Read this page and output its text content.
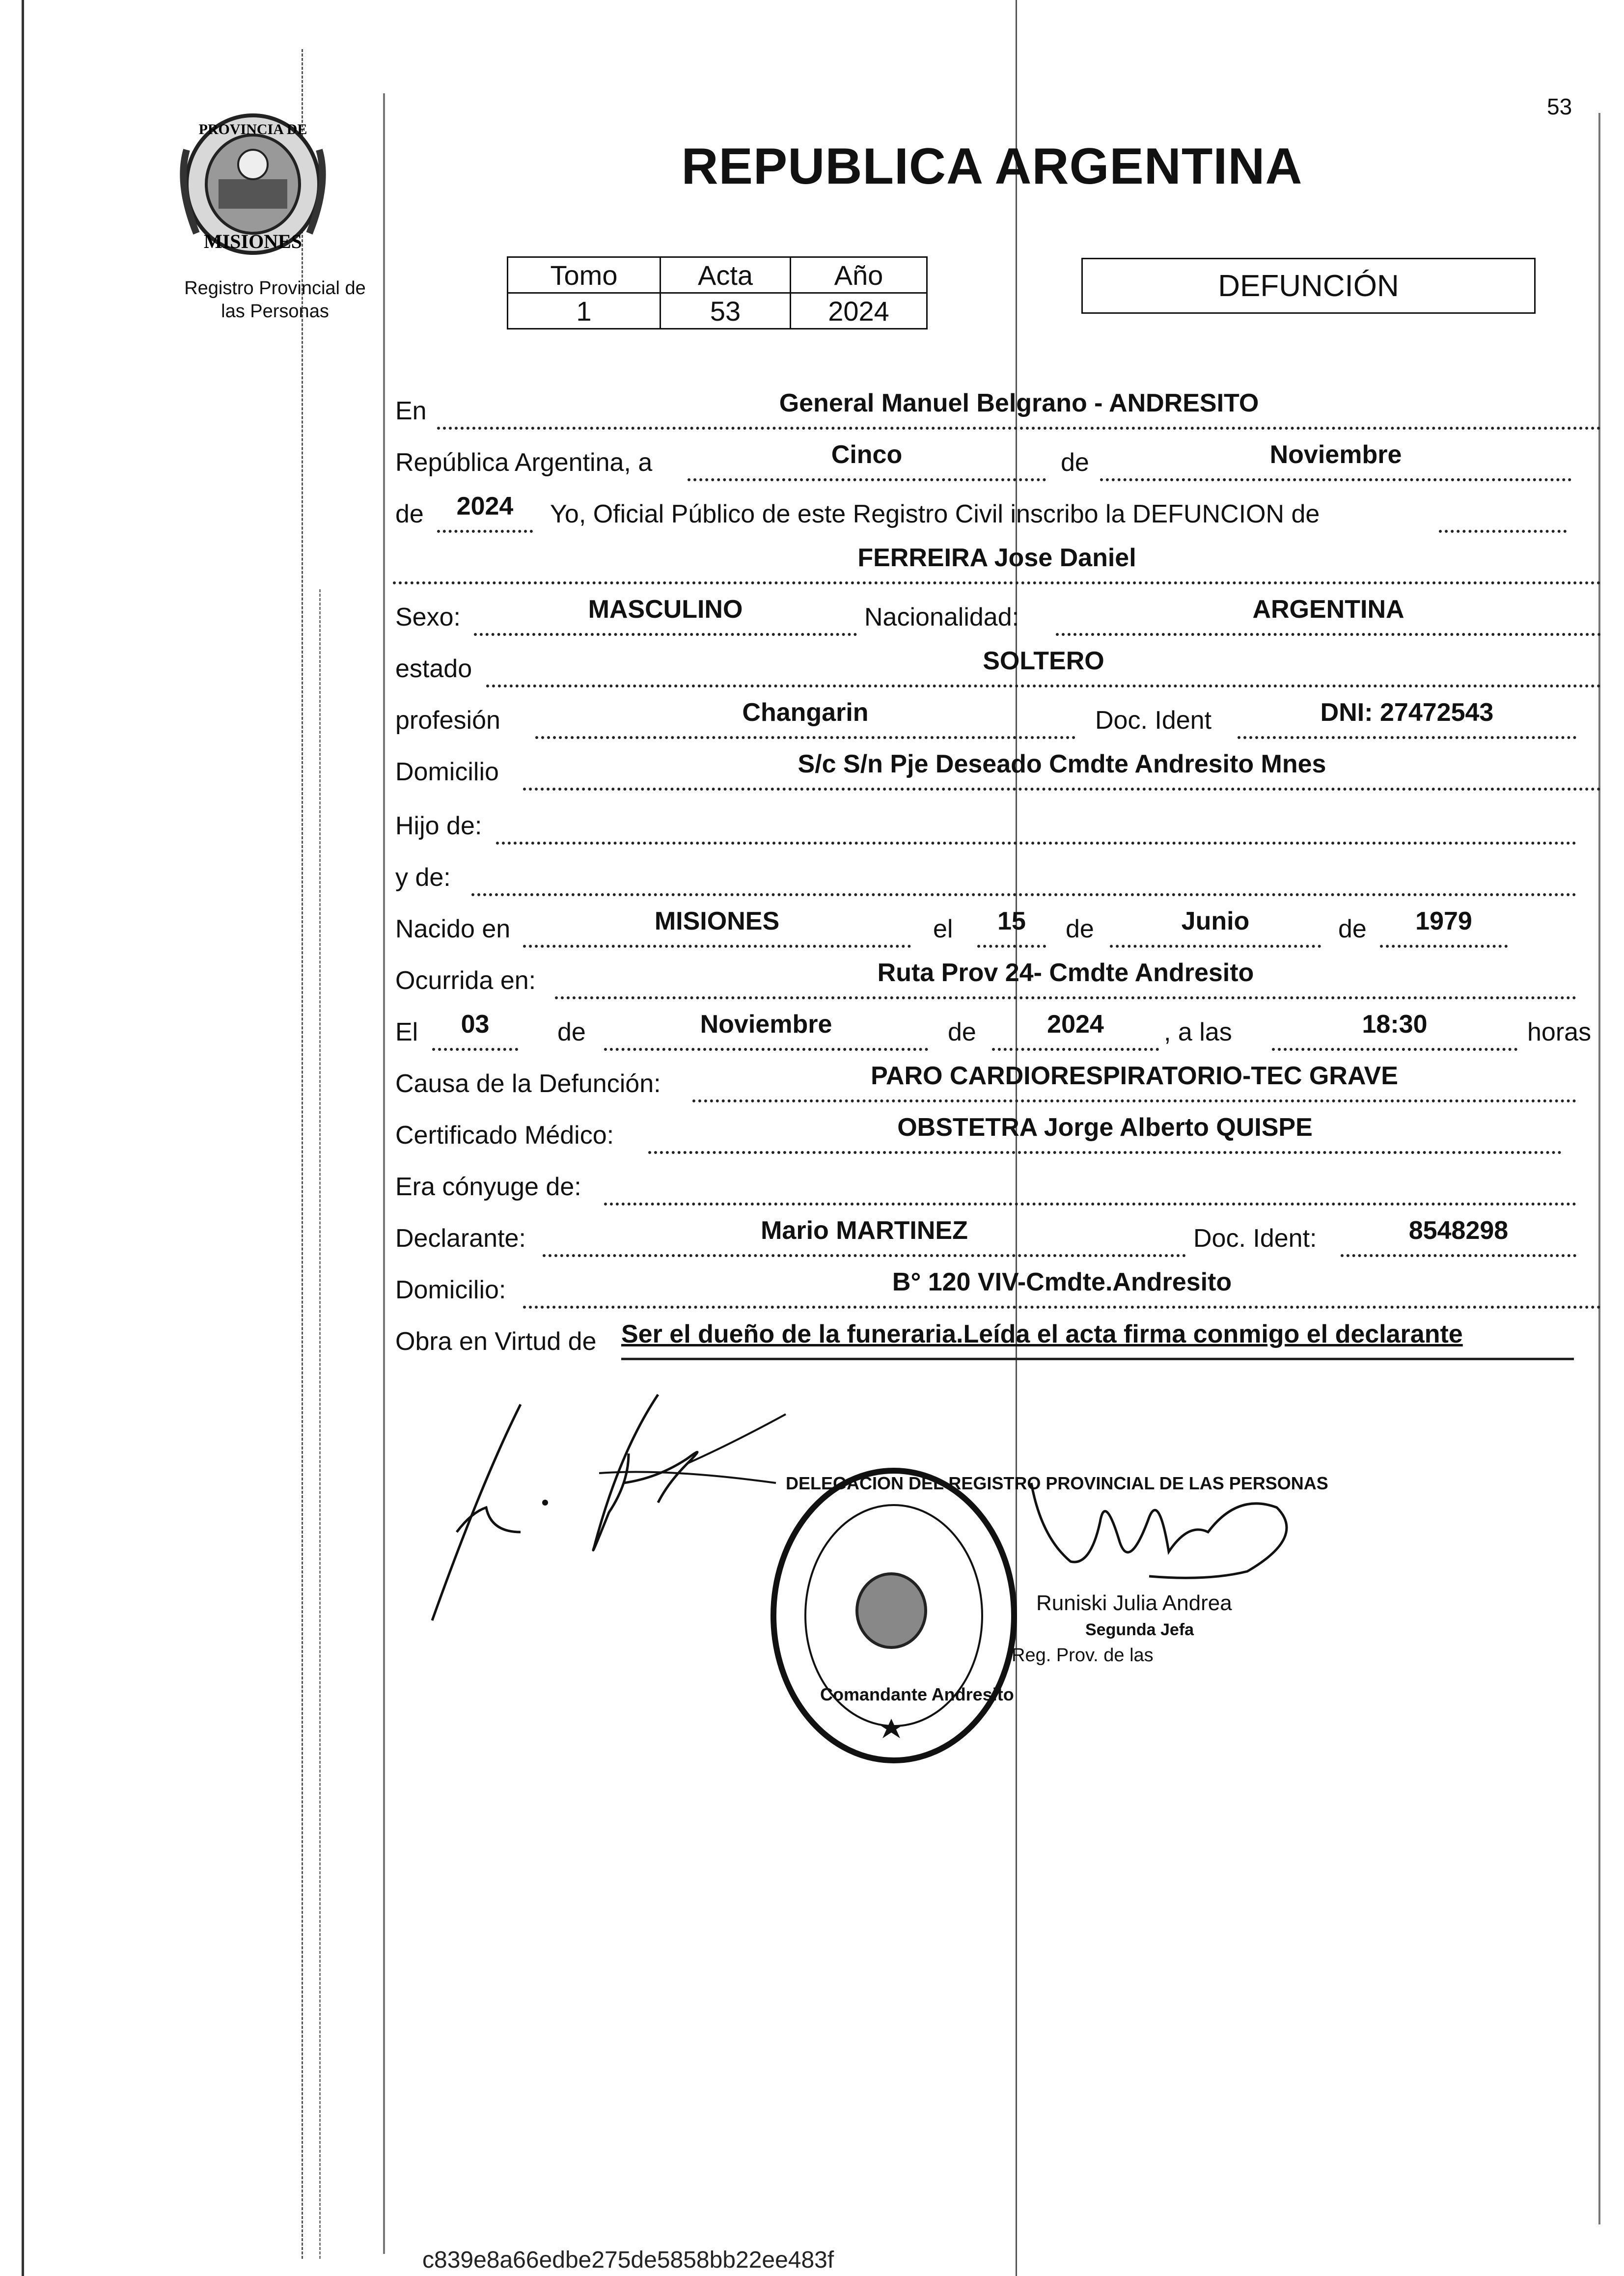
PROVINCIA DE
MISIONES
Registro Provincial de
las Personas
REPUBLICA ARGENTINA
53
Tomo	Acta	Año
1	53	2024
DEFUNCIÓN
En	General Manuel Belgrano - ANDRESITO
República Argentina, a	Cinco	de	Noviembre
de	2024	Yo, Oficial Público de este Registro Civil inscribo la DEFUNCION de
FERREIRA Jose Daniel
Sexo:	MASCULINO	Nacionalidad:	ARGENTINA
estado	SOLTERO
profesión	Changarin	Doc. Ident	DNI: 27472543
Domicilio	S/c S/n Pje Deseado Cmdte Andresito Mnes
Hijo de:
y de:
Nacido en	MISIONES	el	15	de	Junio	de	1979
Ocurrida en:	Ruta Prov 24- Cmdte Andresito
El	03	de	Noviembre	de	2024	, a las	18:30	horas
Causa de la Defunción:	PARO CARDIORESPIRATORIO-TEC GRAVE
Certificado Médico:	OBSTETRA Jorge Alberto QUISPE
Era cónyuge de:
Declarante:	Mario MARTINEZ	Doc. Ident:	8548298
Domicilio:	B° 120 VIV-Cmdte.Andresito
Obra en Virtud de Ser el dueño de la funeraria.Leída el acta firma conmigo el declarante
DELEGACION DEL REGISTRO PROVINCIAL DE LAS PERSONAS
Comandante Andresito
Runiski Julia Andrea
Segunda Jefa
Reg. Prov. de las
c839e8a66edbe275de5858bb22ee483f
